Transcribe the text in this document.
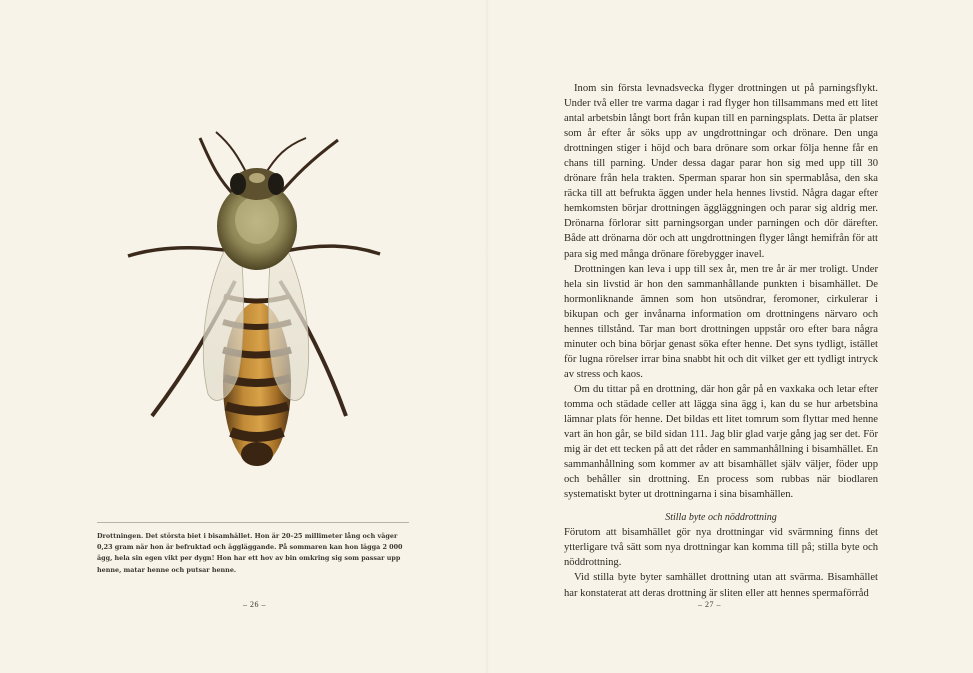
Drottningen. Det största biet i bisamhället. Hon är 20–25 millimeter lång och väger 0,23 gram när hon är befruktad och äggläggande. På sommaren kan hon lägga 2 000 ägg, hela sin egen vikt per dygn! Hon har ett hov av bin omkring sig som passar upp henne, matar henne och putsar henne.

– 26 –

Inom sin första levnadsvecka flyger drottningen ut på parningsflykt. Under två eller tre varma dagar i rad flyger hon tillsammans med ett litet antal arbetsbin långt bort från kupan till en parningsplats. Detta är platser som år efter år söks upp av ungdrottningar och drönare. Den unga drottningen stiger i höjd och bara drönare som orkar följa henne får en chans till parning. Under dessa dagar parar hon sig med upp till 30 drönare från hela trakten. Sperman sparar hon sin spermablåsa, den ska räcka till att befrukta äggen under hela hennes livstid. Några dagar efter hemkomsten börjar drottningen äggläggningen och parar sig aldrig mer. Drönarna förlorar sitt parningsorgan under parningen och dör därefter. Både att drönarna dör och att ungdrottningen flyger långt hemifrån för att para sig med många drönare förebygger inavel.

Drottningen kan leva i upp till sex år, men tre år är mer troligt. Under hela sin livstid är hon den sammanhållande punkten i bisamhället. De hormonliknande ämnen som hon utsöndrar, feromoner, cirkulerar i bikupan och ger invånarna information om drottningens närvaro och hennes tillstånd. Tar man bort drottningen uppstår oro efter bara några minuter och bina börjar genast söka efter henne. Det syns tydligt, istället för lugna rörelser irrar bina snabbt hit och dit vilket ger ett tydligt intryck av stress och kaos.

Om du tittar på en drottning, där hon går på en vaxkaka och letar efter tomma och städade celler att lägga sina ägg i, kan du se hur arbetsbina lämnar plats för henne. Det bildas ett litet tomrum som flyttar med henne vart än hon går, se bild sidan 111. Jag blir glad varje gång jag ser det. För mig är det ett tecken på att det råder en sammanhållning i bisamhället. En sammanhållning som kommer av att bisamhället själv väljer, föder upp och behåller sin drottning. En process som rubbas när biodlaren systematiskt byter ut drottningarna i sina bisamhällen.

Stilla byte och nöddrottning

Förutom att bisamhället gör nya drottningar vid svärmning finns det ytterligare två sätt som nya drottningar kan komma till på; stilla byte och nöddrottning.

Vid stilla byte byter samhället drottning utan att svärma. Bisamhället har konstaterat att deras drottning är sliten eller att hennes spermaförråd

– 27 –
